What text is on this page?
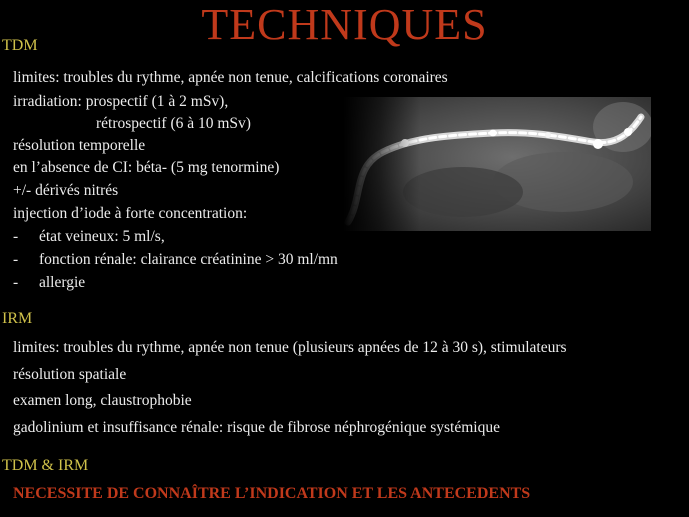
TECHNIQUES
TDM
limites: troubles du rythme, apnée non tenue, calcifications coronaires
irradiation: prospectif (1 à 2 mSv),
rétrospectif (6 à 10 mSv)
résolution temporelle
en l’absence de CI: béta- (5 mg tenormine)
+/- dérivés nitrés
injection d’iode à forte concentration:
- état veineux: 5 ml/s,
- fonction rénale: clairance créatinine > 30 ml/mn
- allergie
IRM
limites: troubles du rythme, apnée non tenue (plusieurs apnées de 12 à 30 s), stimulateurs
résolution spatiale
examen long, claustrophobie
gadolinium et insuffisance rénale: risque de fibrose néphrogénique systémique
TDM & IRM
NECESSITE DE CONNAÎTRE L’INDICATION ET LES ANTECEDENTS
